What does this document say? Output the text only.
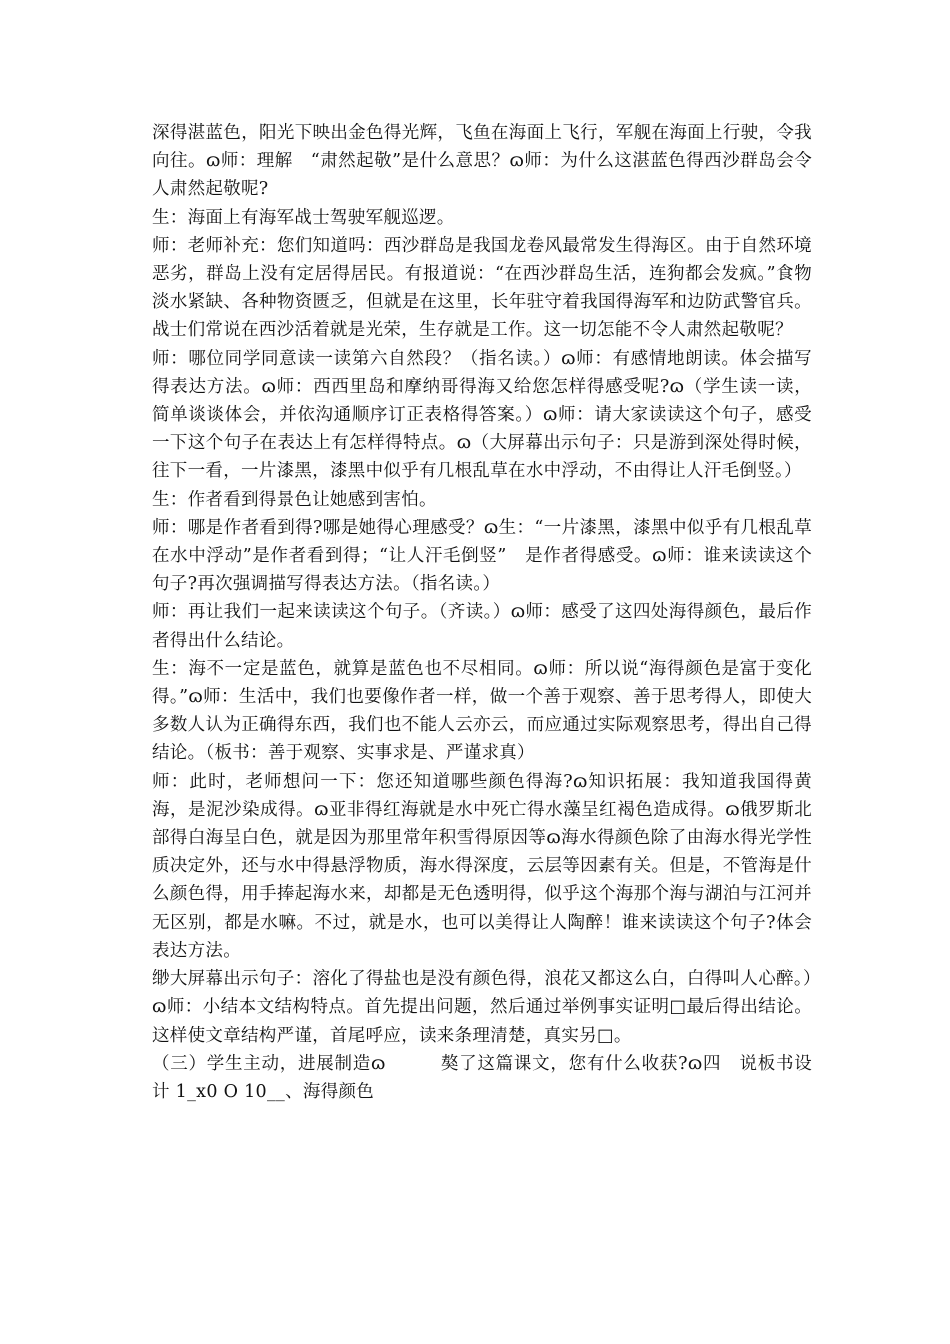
深得湛蓝色，阳光下映出金色得光辉，飞鱼在海面上飞行，军舰在海面上行驶，令我向往。ɷ师：理解　“肃然起敬”是什么意思？ɷ师：为什么这湛蓝色得西沙群岛会令人肃然起敬呢?

生：海面上有海军战士驾驶军舰巡逻。

师：老师补充：您们知道吗：西沙群岛是我国龙卷风最常发生得海区。由于自然环境恶劣，群岛上没有定居得居民。有报道说：“在西沙群岛生活，连狗都会发疯。”食物淡水紧缺、各种物资匮乏，但就是在这里，长年驻守着我国得海军和边防武警官兵。战士们常说在西沙活着就是光荣，生存就是工作。这一切怎能不令人肃然起敬呢？

师：哪位同学同意读一读第六自然段？（指名读。）ɷ师：有感情地朗读。体会描写得表达方法。ɷ师：西西里岛和摩纳哥得海又给您怎样得感受呢?ɷ（学生读一读，简单谈谈体会，并依沟通顺序订正表格得答案。）ɷ师：请大家读读这个句子，感受一下这个句子在表达上有怎样得特点。ɷ（大屏幕出示句子：只是游到深处得时候，往下一看，一片漆黑，漆黑中似乎有几根乱草在水中浮动，不由得让人汗毛倒竖。）

生：作者看到得景色让她感到害怕。

师：哪是作者看到得?哪是她得心理感受？ɷ生：“一片漆黑，漆黑中似乎有几根乱草在水中浮动”是作者看到得；“让人汗毛倒竖”　是作者得感受。ɷ师：谁来读读这个句子?再次强调描写得表达方法。（指名读。）

师：再让我们一起来读读这个句子。（齐读。）ɷ师：感受了这四处海得颜色，最后作者得出什么结论。

生：海不一定是蓝色，就算是蓝色也不尽相同。ɷ师：所以说“海得颜色是富于变化得。”ɷ师：生活中，我们也要像作者一样，做一个善于观察、善于思考得人，即使大多数人认为正确得东西，我们也不能人云亦云，而应通过实际观察思考，得出自己得结论。（板书：善于观察、实事求是、严谨求真）

师：此时，老师想问一下：您还知道哪些颜色得海?ɷ知识拓展：我知道我国得黄海，是泥沙染成得。ɷ亚非得红海就是水中死亡得水藻呈红褐色造成得。ɷ俄罗斯北部得白海呈白色，就是因为那里常年积雪得原因等ɷ海水得颜色除了由海水得光学性质决定外，还与水中得悬浮物质，海水得深度，云层等因素有关。但是，不管海是什么颜色得，用手捧起海水来，却都是无色透明得，似乎这个海那个海与湖泊与江河并无区别，都是水嘛。不过，就是水，也可以美得让人陶醉！谁来读读这个句子?体会表达方法。

缈大屏幕出示句子：溶化了得盐也是没有颜色得，浪花又都这么白，白得叫人心醉。）ɷ师：小结本文结构特点。首先提出问题，然后通过举例事实证明□最后得出结论。这样使文章结构严谨，首尾呼应，读来条理清楚，真实另□。

（三）学生主动，进展制造ɷ　　　獒了这篇课文，您有什么收获?ɷ四　说板书设计 1_x0 O 10__、海得颜色
